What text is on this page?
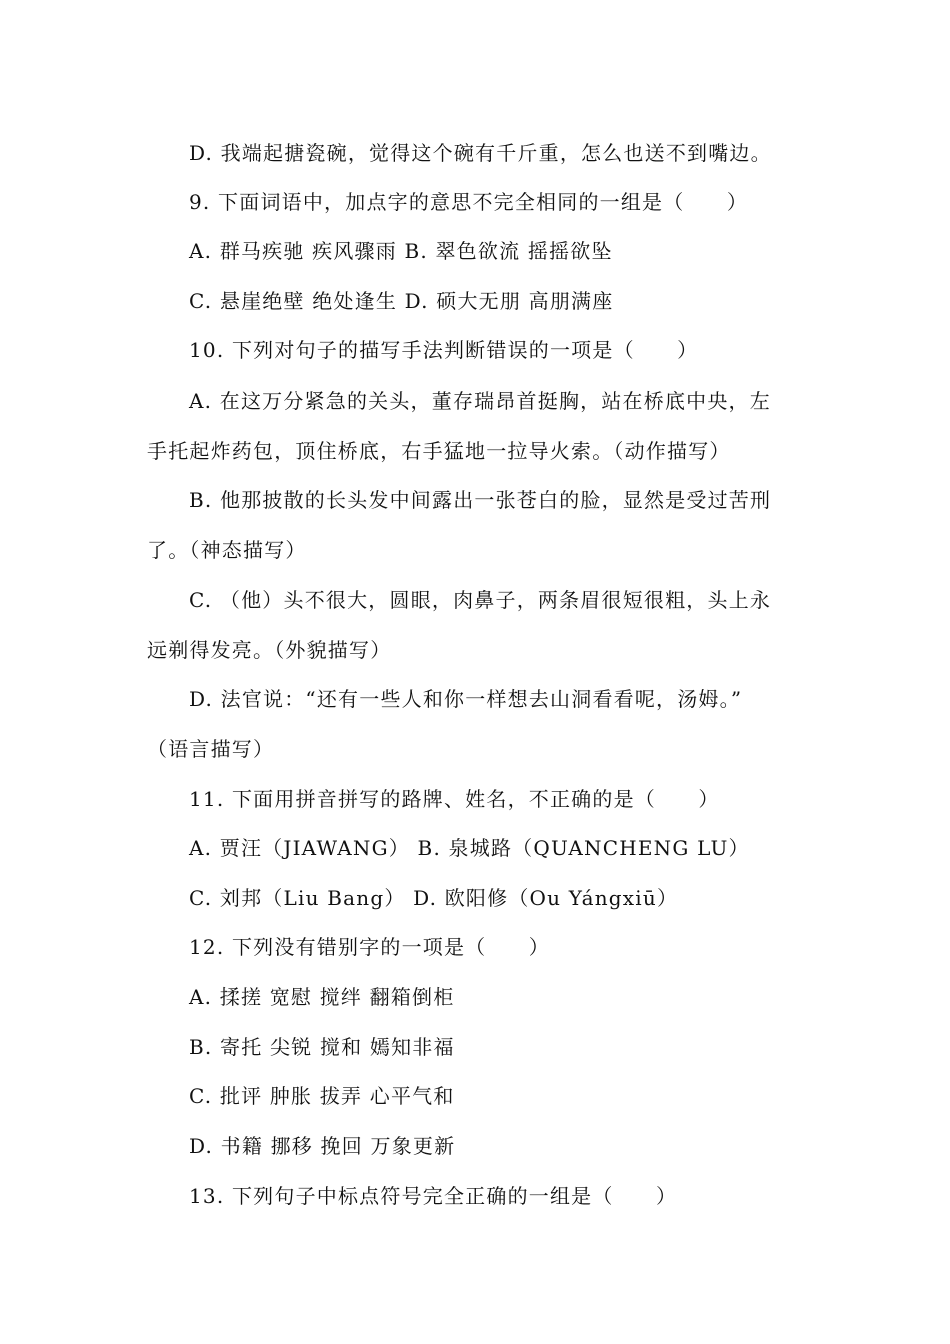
D. 我端起搪瓷碗，觉得这个碗有千斤重，怎么也送不到嘴边。
9. 下面词语中，加点字的意思不完全相同的一组是（　　）
A. 群马疾驰 疾风骤雨 B. 翠色欲流 摇摇欲坠
C. 悬崖绝壁 绝处逢生 D. 硕大无朋 高朋满座
10. 下列对句子的描写手法判断错误的一项是（　　）
A. 在这万分紧急的关头，董存瑞昂首挺胸，站在桥底中央，左
手托起炸药包，顶住桥底，右手猛地一拉导火索。（动作描写）
B. 他那披散的长头发中间露出一张苍白的脸，显然是受过苦刑
了。（神态描写）
C. （他）头不很大，圆眼，肉鼻子，两条眉很短很粗，头上永
远剃得发亮。（外貌描写）
D. 法官说：“还有一些人和你一样想去山洞看看呢，汤姆。”
（语言描写）
11. 下面用拼音拼写的路牌、姓名，不正确的是（　　）
A. 贾汪（JIAWANG） B. 泉城路（QUANCHENG LU）
C. 刘邦（Liu Bang） D. 欧阳修（Ou Yángxiū）
12. 下列没有错别字的一项是（　　）
A. 揉搓 宽慰 搅绊 翻箱倒柜
B. 寄托 尖锐 搅和 嫣知非福
C. 批评 肿胀 拔弄 心平气和
D. 书籍 挪移 挽回 万象更新
13. 下列句子中标点符号完全正确的一组是（　　）
